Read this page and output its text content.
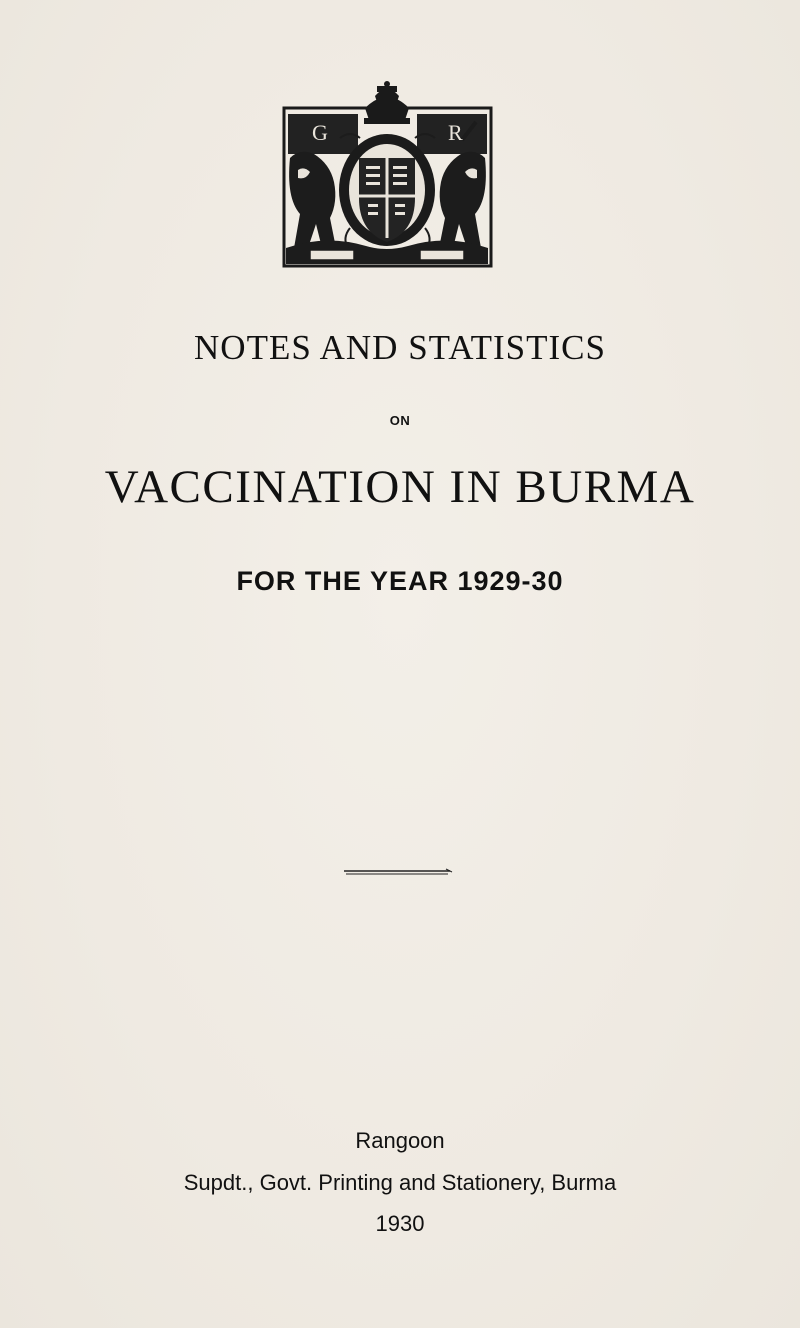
G	R
NOTES AND STATISTICS
ON
VACCINATION IN BURMA
FOR THE YEAR 1929-30
Rangoon
Supdt., Govt. Printing and Stationery, Burma
1930
